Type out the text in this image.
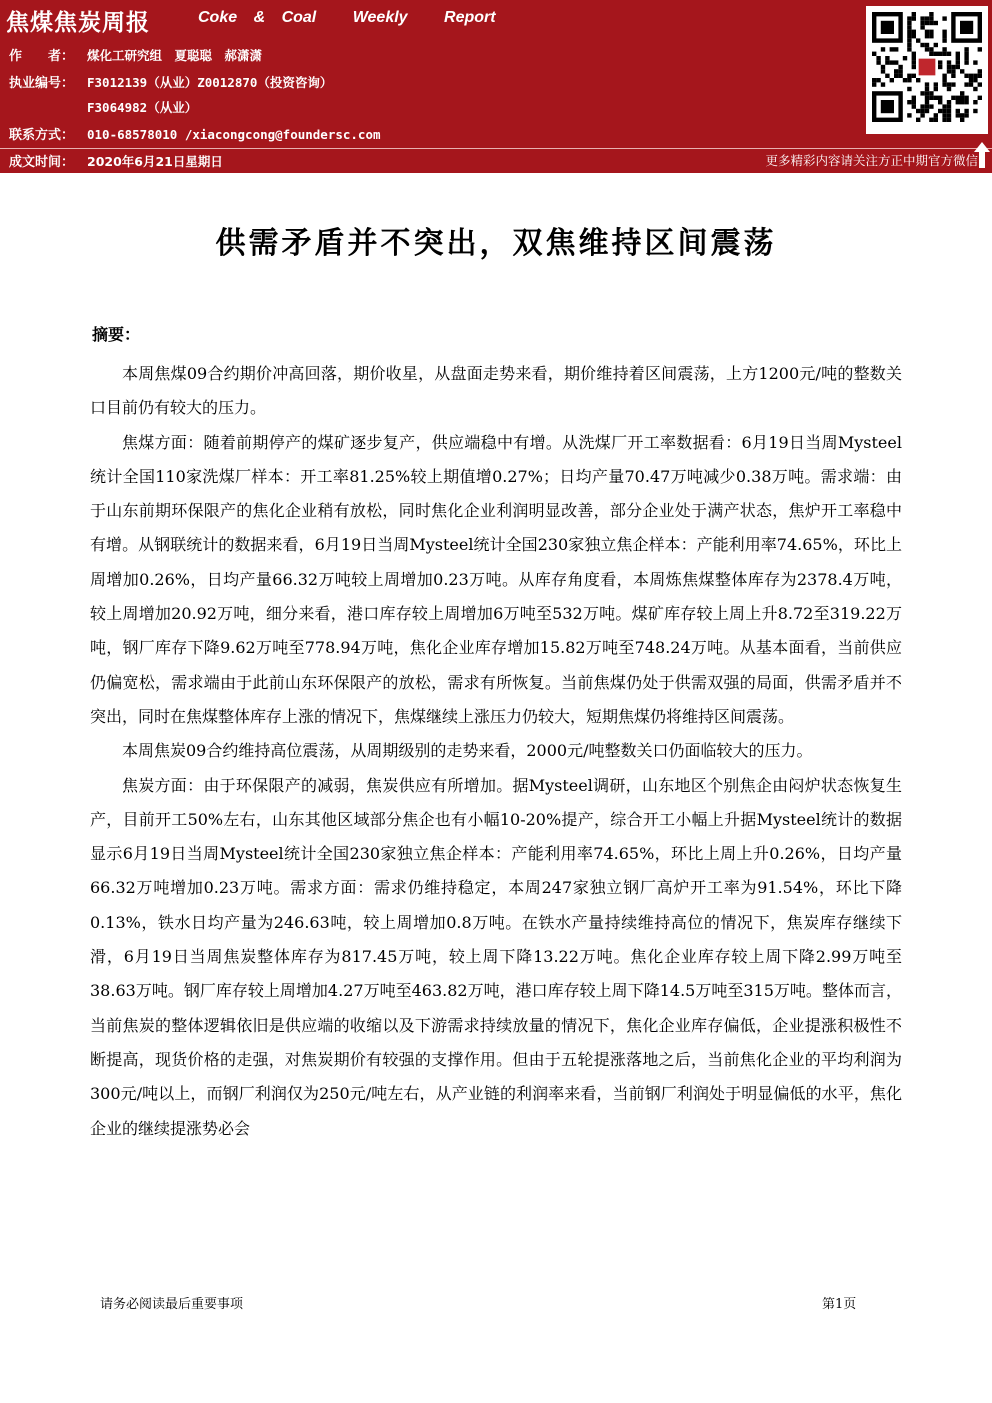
焦煤焦炭周报	Coke & Coal Weekly Report
作　　者： 煤化工研究组　夏聪聪　郝潇潇
执业编号： F3012139（从业）Z0012870（投资咨询）
F3064982（从业）
联系方式： 010-68578010 /xiacongcong@foundersc.com
成文时间： 2020年6月21日星期日	更多精彩内容请关注方正中期官方微信
供需矛盾并不突出，双焦维持区间震荡
摘要：

本周焦煤09合约期价冲高回落，期价收星，从盘面走势来看，期价维持着区间震荡，上方1200元/吨的整数关口目前仍有较大的压力。

焦煤方面：随着前期停产的煤矿逐步复产，供应端稳中有增。从洗煤厂开工率数据看：6月19日当周Mysteel统计全国110家洗煤厂样本：开工率81.25%较上期值增0.27%；日均产量70.47万吨减少0.38万吨。需求端：由于山东前期环保限产的焦化企业稍有放松，同时焦化企业利润明显改善，部分企业处于满产状态，焦炉开工率稳中有增。从钢联统计的数据来看，6月19日当周Mysteel统计全国230家独立焦企样本：产能利用率74.65%，环比上周增加0.26%，日均产量66.32万吨较上周增加0.23万吨。从库存角度看，本周炼焦煤整体库存为2378.4万吨，较上周增加20.92万吨，细分来看，港口库存较上周增加6万吨至532万吨。煤矿库存较上周上升8.72至319.22万吨，钢厂库存下降9.62万吨至778.94万吨，焦化企业库存增加15.82万吨至748.24万吨。从基本面看，当前供应仍偏宽松，需求端由于此前山东环保限产的放松，需求有所恢复。当前焦煤仍处于供需双强的局面，供需矛盾并不突出，同时在焦煤整体库存上涨的情况下，焦煤继续上涨压力仍较大，短期焦煤仍将维持区间震荡。

本周焦炭09合约维持高位震荡，从周期级别的走势来看，2000元/吨整数关口仍面临较大的压力。

焦炭方面：由于环保限产的减弱，焦炭供应有所增加。据Mysteel调研，山东地区个别焦企由闷炉状态恢复生产，目前开工50%左右，山东其他区域部分焦企也有小幅10-20%提产，综合开工小幅上升据Mysteel统计的数据显示6月19日当周Mysteel统计全国230家独立焦企样本：产能利用率74.65%，环比上周上升0.26%，日均产量66.32万吨增加0.23万吨。需求方面：需求仍维持稳定，本周247家独立钢厂高炉开工率为91.54%，环比下降0.13%，铁水日均产量为246.63吨，较上周增加0.8万吨。在铁水产量持续维持高位的情况下，焦炭库存继续下滑，6月19日当周焦炭整体库存为817.45万吨，较上周下降13.22万吨。焦化企业库存较上周下降2.99万吨至38.63万吨。钢厂库存较上周增加4.27万吨至463.82万吨，港口库存较上周下降14.5万吨至315万吨。整体而言，当前焦炭的整体逻辑依旧是供应端的收缩以及下游需求持续放量的情况下，焦化企业库存偏低，企业提涨积极性不断提高，现货价格的走强，对焦炭期价有较强的支撑作用。但由于五轮提涨落地之后，当前焦化企业的平均利润为300元/吨以上，而钢厂利润仅为250元/吨左右，从产业链的利润率来看，当前钢厂利润处于明显偏低的水平，焦化企业的继续提涨势必会

请务必阅读最后重要事项	第1页
